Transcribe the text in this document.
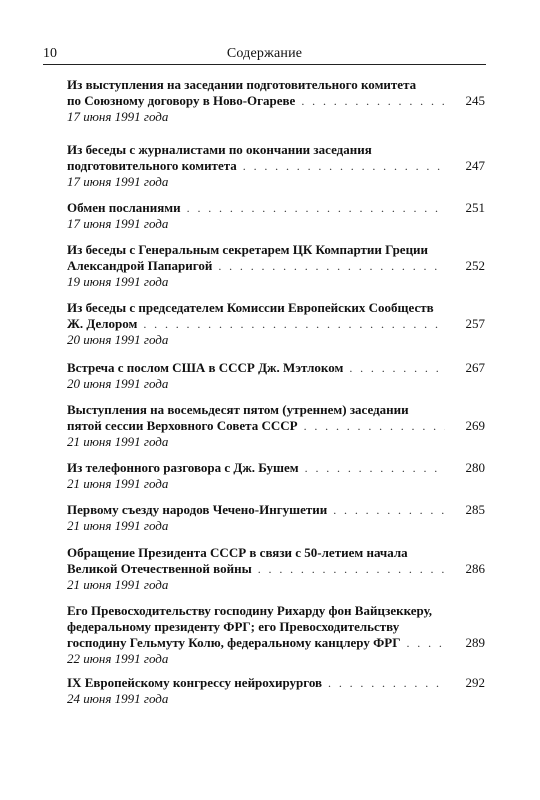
10	Содержание
Из выступления на заседании подготовительного комитета
по Союзному договору в Ново-Огареве . . .	245
17 июня 1991 года
Из беседы с журналистами по окончании заседания
подготовительного комитета . . .	247
17 июня 1991 года
Обмен посланиями . . .	251
17 июня 1991 года
Из беседы с Генеральным секретарем ЦК Компартии Греции
Александрой Папаригой . . .	252
19 июня 1991 года
Из беседы с председателем Комиссии Европейских Сообществ
Ж. Делором . . .	257
20 июня 1991 года
Встреча с послом США в СССР Дж. Мэтлоком . . .	267
20 июня 1991 года
Выступления на восемьдесят пятом (утреннем) заседании
пятой сессии Верховного Совета СССР . . .	269
21 июня 1991 года
Из телефонного разговора с Дж. Бушем . . .	280
21 июня 1991 года
Первому съезду народов Чечено-Ингушетии . . .	285
21 июня 1991 года
Обращение Президента СССР в связи с 50-летием начала
Великой Отечественной войны . . .	286
21 июня 1991 года
Его Превосходительству господину Рихарду фон Вайцзеккеру,
федеральному президенту ФРГ; его Превосходительству
господину Гельмуту Колю, федеральному канцлеру ФРГ . . .	289
22 июня 1991 года
IX Европейскому конгрессу нейрохирургов . . .	292
24 июня 1991 года
